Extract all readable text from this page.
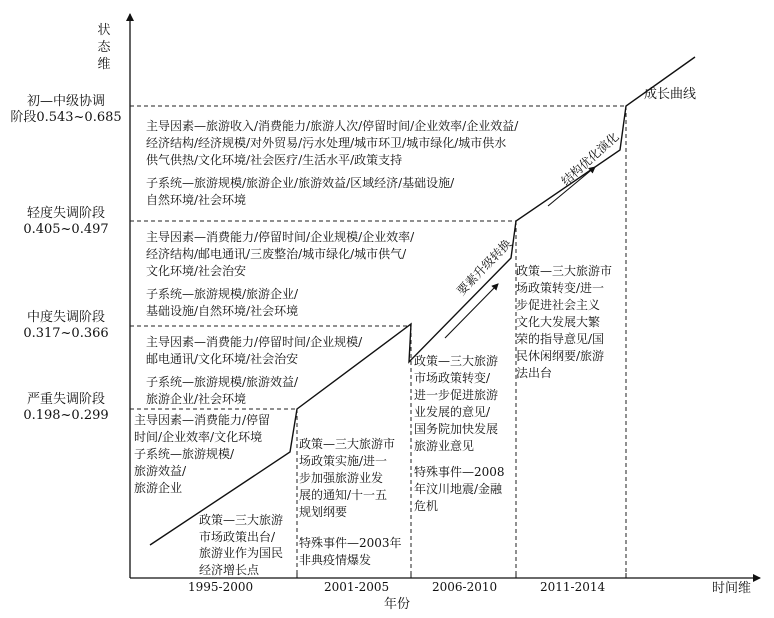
要素升级转换
结构优化演化
状态维
时间维
年份
初—中级协调
阶段0.543~0.685
轻度失调阶段
0.405~0.497
中度失调阶段
0.317~0.366
严重失调阶段
0.198~0.299
1995-2000	2001-2005	2006-2010	2011-2014
成长曲线
主导因素—旅游收入/消费能力/旅游人次/停留时间/企业效率/企业效益/
经济结构/经济规模/对外贸易/污水处理/城市环卫/城市绿化/城市供水
供气供热/文化环境/社会医疗/生活水平/政策支持
子系统—旅游规模/旅游企业/旅游效益/区域经济/基础设施/
自然环境/社会环境
主导因素—消费能力/停留时间/企业规模/企业效率/
经济结构/邮电通讯/三废整治/城市绿化/城市供气/
文化环境/社会治安
子系统—旅游规模/旅游企业/
基础设施/自然环境/社会环境
主导因素—消费能力/停留时间/企业规模/
邮电通讯/文化环境/社会治安
子系统—旅游规模/旅游效益/
旅游企业/社会环境
主导因素—消费能力/停留
时间/企业效率/文化环境
子系统—旅游规模/
旅游效益/
旅游企业
政策—三大旅游
市场政策出台/
旅游业作为国民
经济增长点
政策—三大旅游市
场政策实施/进一
步加强旅游业发
展的通知/十一五
规划纲要
特殊事件—2003年
非典疫情爆发
政策—三大旅游
市场政策转变/
进一步促进旅游
业发展的意见/
国务院加快发展
旅游业意见
特殊事件—2008
年汶川地震/金融
危机
政策—三大旅游市
场政策转变/进一
步促进社会主义
文化大发展大繁
荣的指导意见/国
民休闲纲要/旅游
法出台
